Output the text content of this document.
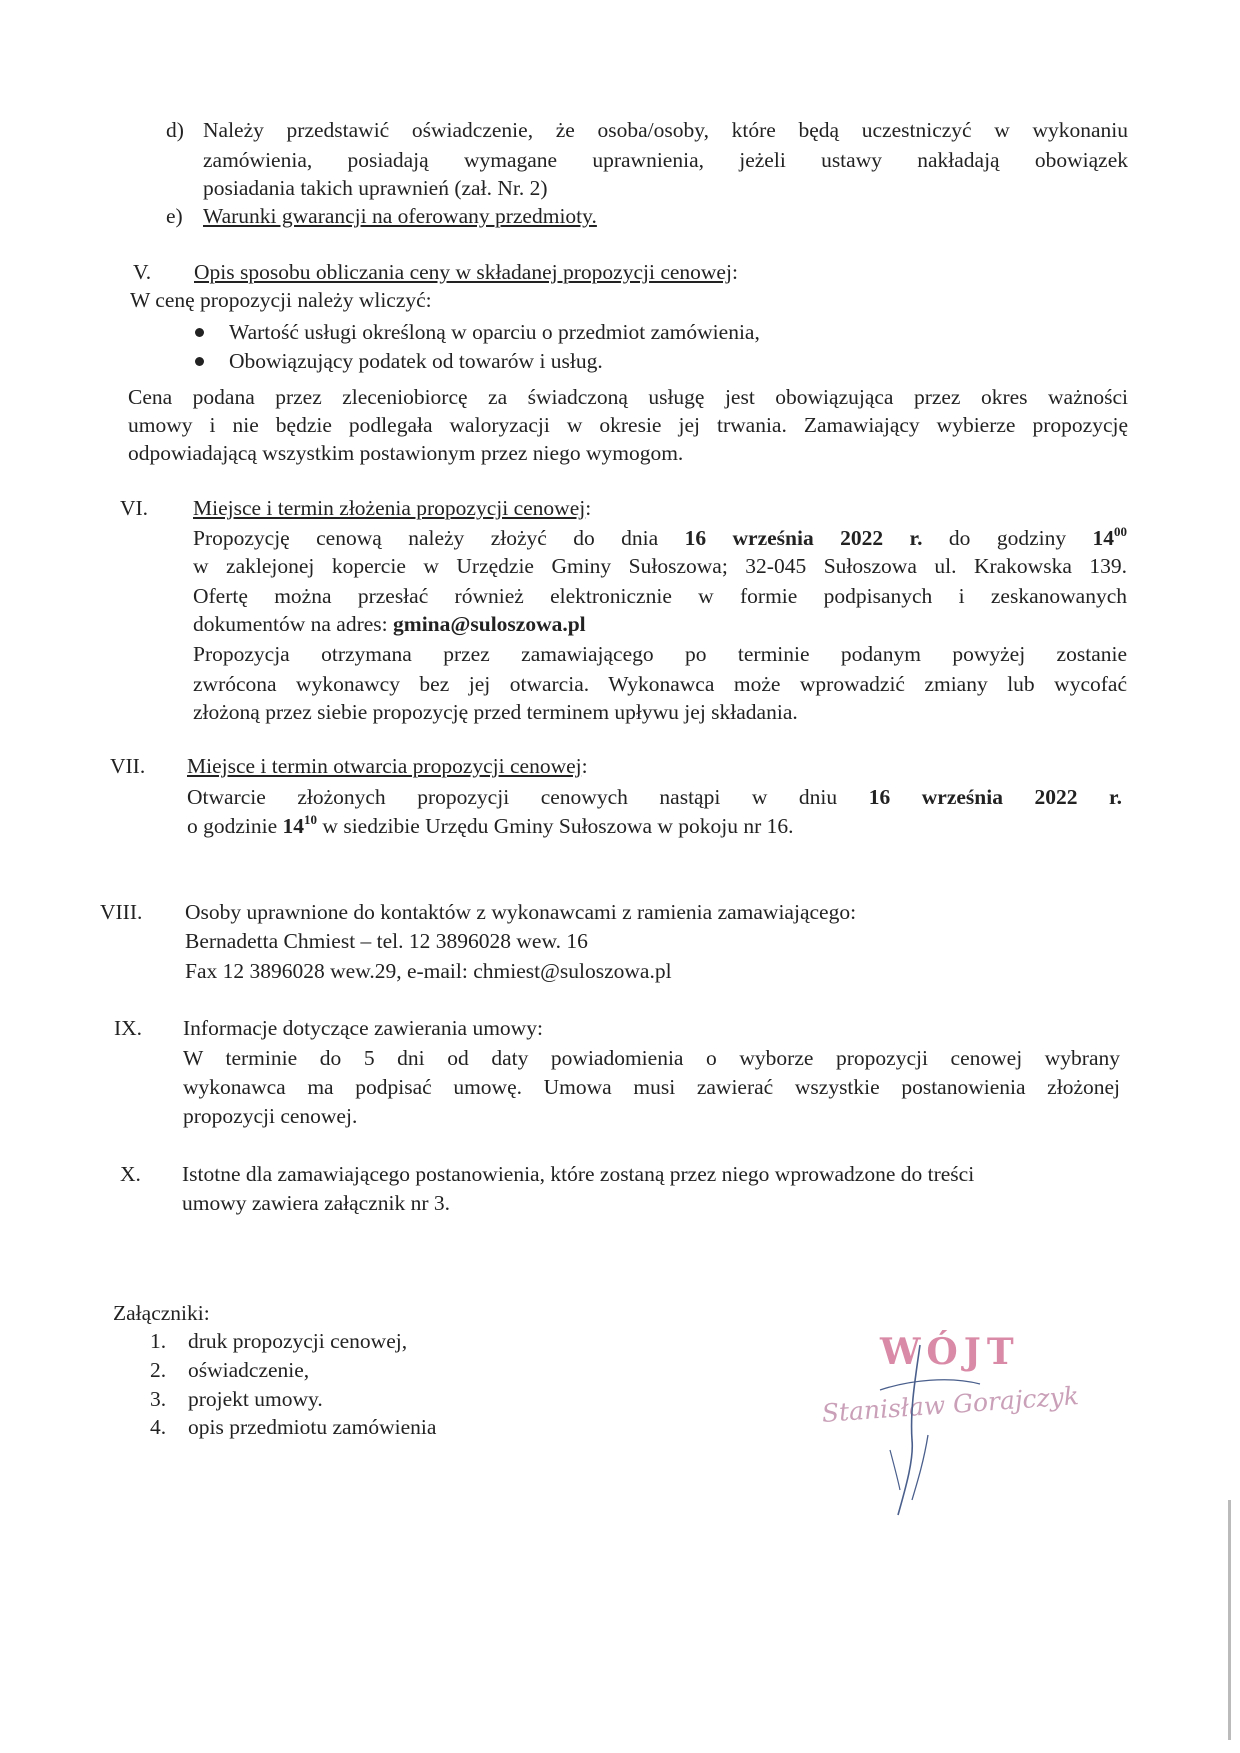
d) Należy przedstawić oświadczenie, że osoba/osoby, które będą uczestniczyć w wykonaniu
zamówienia, posiadają wymagane uprawnienia, jeżeli ustawy nakładają obowiązek
posiadania takich uprawnień (zał. Nr. 2)
e) Warunki gwarancji na oferowany przedmioty.
V. Opis sposobu obliczania ceny w składanej propozycji cenowej:
W cenę propozycji należy wliczyć:
Wartość usługi określoną w oparciu o przedmiot zamówienia,
Obowiązujący podatek od towarów i usług.
Cena podana przez zleceniobiorcę za świadczoną usługę jest obowiązująca przez okres ważności
umowy i nie będzie podlegała waloryzacji w okresie jej trwania. Zamawiający wybierze propozycję
odpowiadającą wszystkim postawionym przez niego wymogom.
VI. Miejsce i termin złożenia propozycji cenowej:
Propozycję cenową należy złożyć do dnia 16 września 2022 r. do godziny $14^{00}$
w zaklejonej kopercie w Urzędzie Gminy Sułoszowa; 32-045 Sułoszowa ul. Krakowska 139.
Ofertę można przesłać również elektronicznie w formie podpisanych i zeskanowanych
dokumentów na adres: gmina@suloszowa.pl
Propozycja otrzymana przez zamawiającego po terminie podanym powyżej zostanie
zwrócona wykonawcy bez jej otwarcia. Wykonawca może wprowadzić zmiany lub wycofać
złożoną przez siebie propozycję przed terminem upływu jej składania.
VII. Miejsce i termin otwarcia propozycji cenowej:
Otwarcie złożonych propozycji cenowych nastąpi w dniu 16 września 2022 r.
o godzinie $14^{10}$ w siedzibie Urzędu Gminy Sułoszowa w pokoju nr 16.
VIII. Osoby uprawnione do kontaktów z wykonawcami z ramienia zamawiającego:
Bernadetta Chmiest – tel. 12 3896028 wew. 16
Fax 12 3896028 wew.29, e-mail: chmiest@suloszowa.pl
IX. Informacje dotyczące zawierania umowy:
W terminie do 5 dni od daty powiadomienia o wyborze propozycji cenowej wybrany
wykonawca ma podpisać umowę. Umowa musi zawierać wszystkie postanowienia złożonej
propozycji cenowej.
X. Istotne dla zamawiającego postanowienia, które zostaną przez niego wprowadzone do treści
umowy zawiera załącznik nr 3.
Załączniki:
1. druk propozycji cenowej,
2. oświadczenie,
3. projekt umowy.
4. opis przedmiotu zamówienia
WÓJT
Stanisław Gorajczyk
